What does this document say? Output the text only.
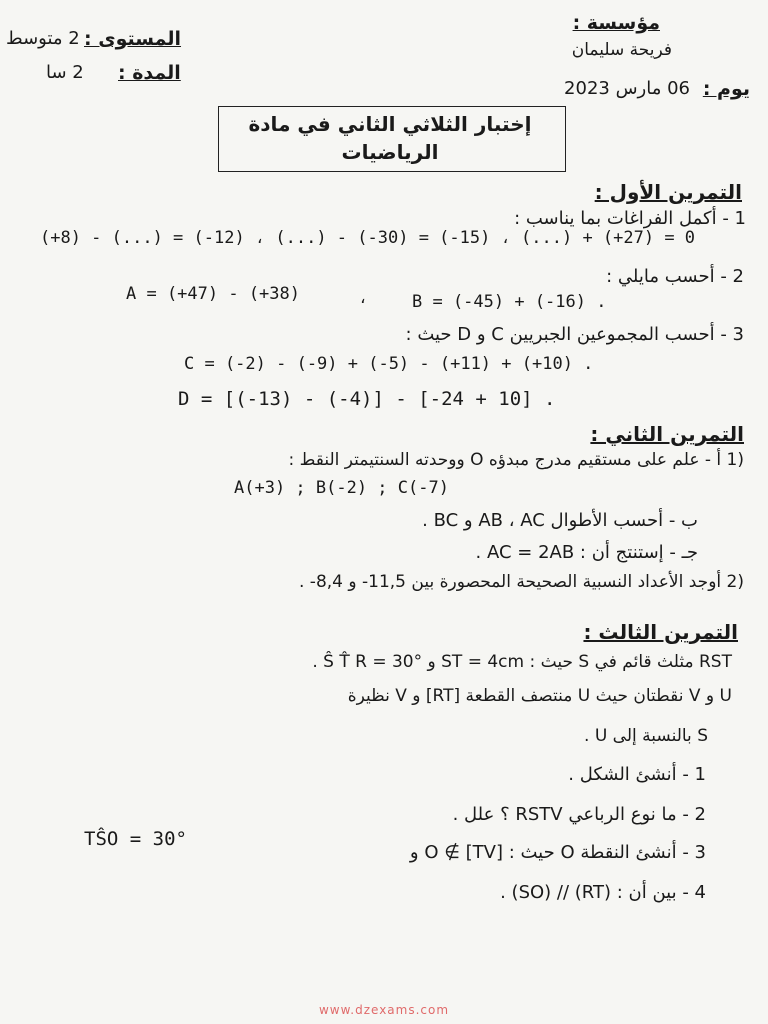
مؤسسة :
فريحة سليمان
يوم :
06 مارس 2023
المستوى :
2 متوسط
المدة :
2 سا
إختبار الثلاثي الثاني في مادة
الرياضيات
التمرين الأول :
1 - أكمل الفراغات بما يناسب :
(+8) - (...) = (-12) ، (...) - (-30) = (-15) ، (...) + (+27) = 0
2 - أحسب مايلي :
A = (+47) - (+38)	،	B = (-45) + (-16) .
3 - أحسب المجموعين الجبريين C و D حيث :
C = (-2) - (-9) + (-5) - (+11) + (+10) .
D = [(-13) - (-4)] - [-24 + 10] .
التمرين الثاني :
(1 أ - علم على مستقيم مدرج مبدؤه O ووحدته السنتيمتر النقط :
A(+3) ; B(-2) ; C(-7)
ب - أحسب الأطوال AB ، AC و BC .
جـ - إستنتج أن : AC = 2AB .
(2 أوجد الأعداد النسبية الصحيحة المحصورة بين 11,5- و 8,4- .
التمرين الثالث :
RST مثلث قائم في S حيث : ST = 4cm و Ŝ T̂ R = 30° .
U و V نقطتان حيث U منتصف القطعة [RT] و V نظيرة
S بالنسبة إلى U .
1 - أنشئ الشكل .
2 - ما نوع الرباعي RSTV ؟ علل .
3 - أنشئ النقطة O حيث : O ∉ [TV] و
TŜO = 30°
4 - بين أن : (RT) // (SO) .
www.dzexams.com
